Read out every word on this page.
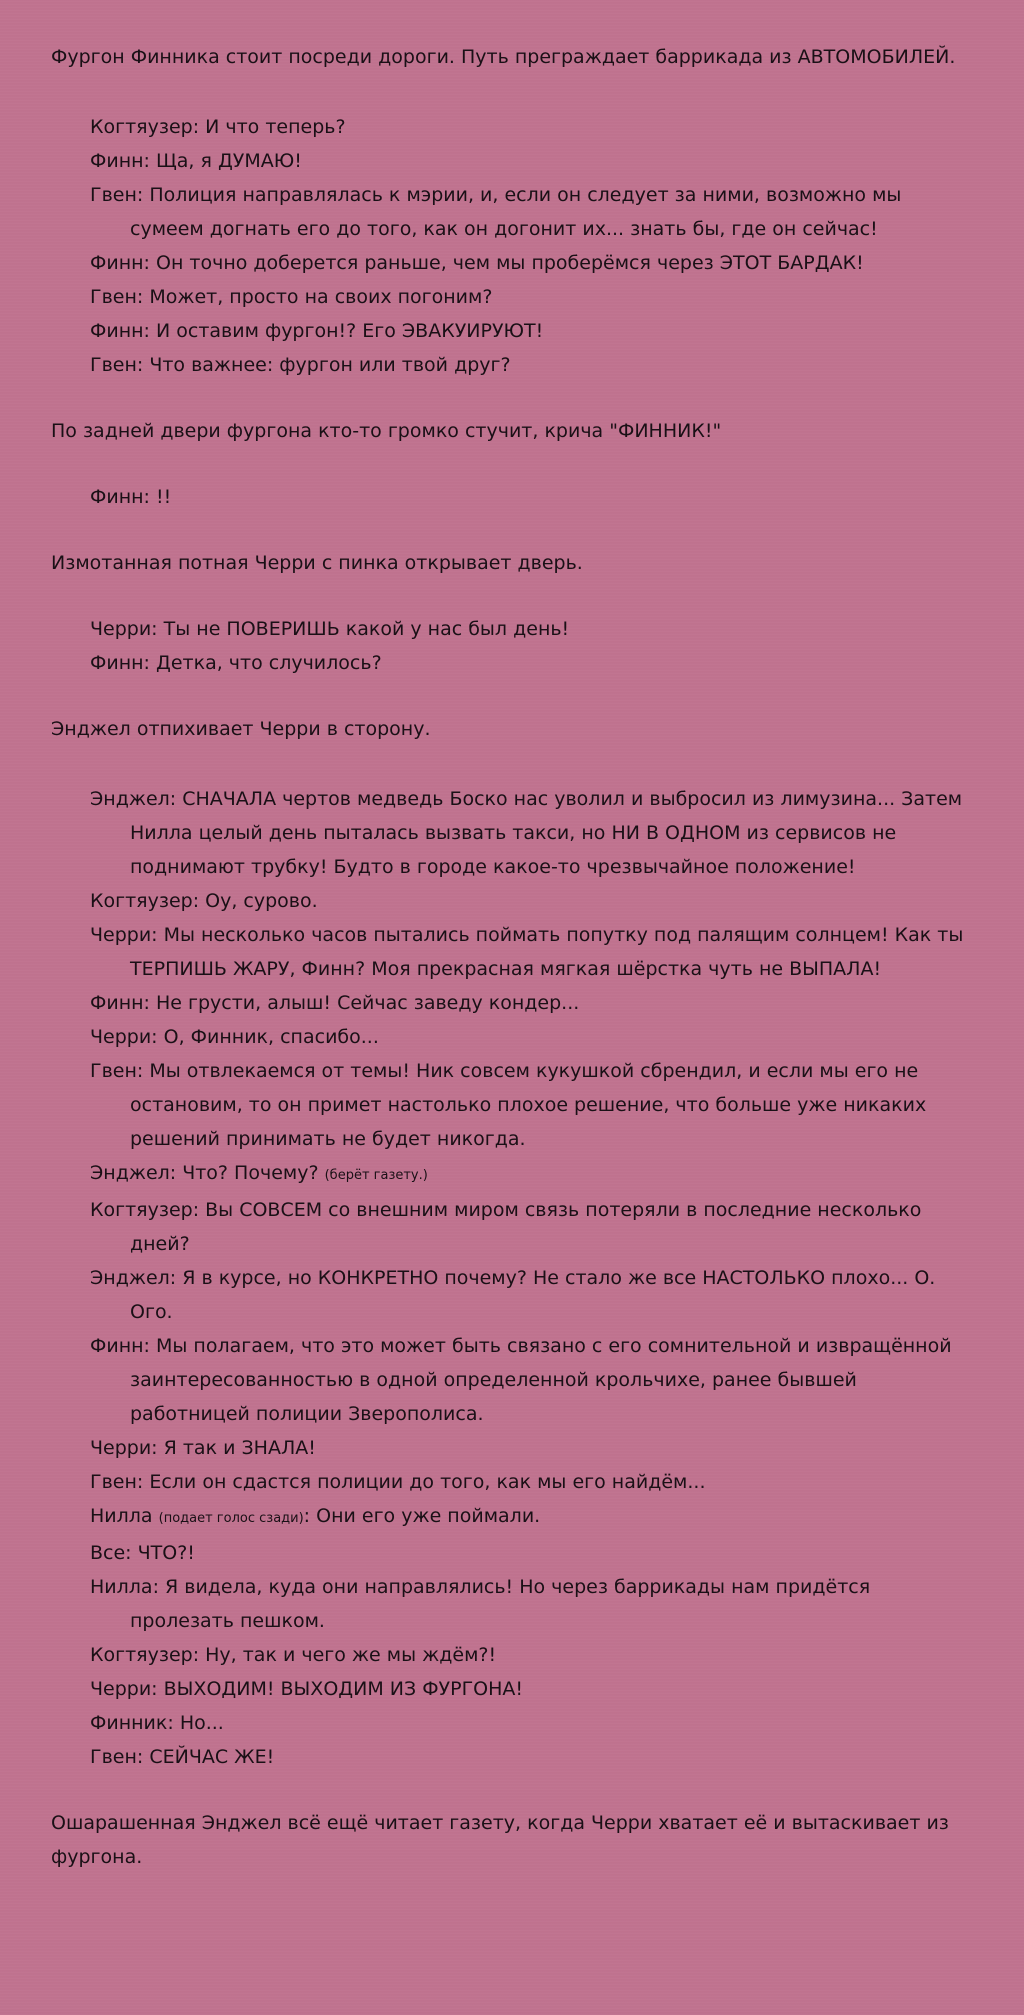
Фургон Финника стоит посреди дороги. Путь преграждает баррикада из АВТОМОБИЛЕЙ.

Когтяузер: И что теперь?

Финн: Ща, я ДУМАЮ!

Гвен: Полиция направлялась к мэрии, и, если он следует за ними, возможно мы сумеем догнать его до того, как он догонит их... знать бы, где он сейчас!

Финн: Он точно доберется раньше, чем мы проберёмся через ЭТОТ БАРДАК!

Гвен: Может, просто на своих погоним?

Финн: И оставим фургон!? Его ЭВАКУИРУЮТ!

Гвен: Что важнее: фургон или твой друг?

По задней двери фургона кто-то громко стучит, крича "ФИННИК!"

Финн: !!

Измотанная потная Черри с пинка открывает дверь.

Черри: Ты не ПОВЕРИШЬ какой у нас был день!

Финн: Детка, что случилось?

Энджел отпихивает Черри в сторону.

Энджел: СНАЧАЛА чертов медведь Боско нас уволил и выбросил из лимузина... Затем Нилла целый день пыталась вызвать такси, но НИ В ОДНОМ из сервисов не поднимают трубку! Будто в городе какое-то чрезвычайное положение!

Когтяузер: Оу, сурово.

Черри: Мы несколько часов пытались поймать попутку под палящим солнцем! Как ты ТЕРПИШЬ ЖАРУ, Финн? Моя прекрасная мягкая шёрстка чуть не ВЫПАЛА!

Финн: Не грусти, алыш! Сейчас заведу кондер...

Черри: О, Финник, спасибо...

Гвен: Мы отвлекаемся от темы! Ник совсем кукушкой сбрендил, и если мы его не остановим, то он примет настолько плохое решение, что больше уже никаких решений принимать не будет никогда.

Энджел: Что? Почему? (берёт газету.)

Когтяузер: Вы СОВСЕМ со внешним миром связь потеряли в последние несколько дней?

Энджел: Я в курсе, но КОНКРЕТНО почему? Не стало же все НАСТОЛЬКО плохо... О. Ого.

Финн: Мы полагаем, что это может быть связано с его сомнительной и извращённой заинтересованностью в одной определенной крольчихе, ранее бывшей работницей полиции Зверополиса.

Черри: Я так и ЗНАЛА!

Гвен: Если он сдастся полиции до того, как мы его найдём...

Нилла (подает голос сзади): Они его уже поймали.

Все: ЧТО?!

Нилла: Я видела, куда они направлялись! Но через баррикады нам придётся пролезать пешком.

Когтяузер: Ну, так и чего же мы ждём?!

Черри: ВЫХОДИМ! ВЫХОДИМ ИЗ ФУРГОНА!

Финник: Но...

Гвен: СЕЙЧАС ЖЕ!

Ошарашенная Энджел всё ещё читает газету, когда Черри хватает её и вытаскивает из фургона.
